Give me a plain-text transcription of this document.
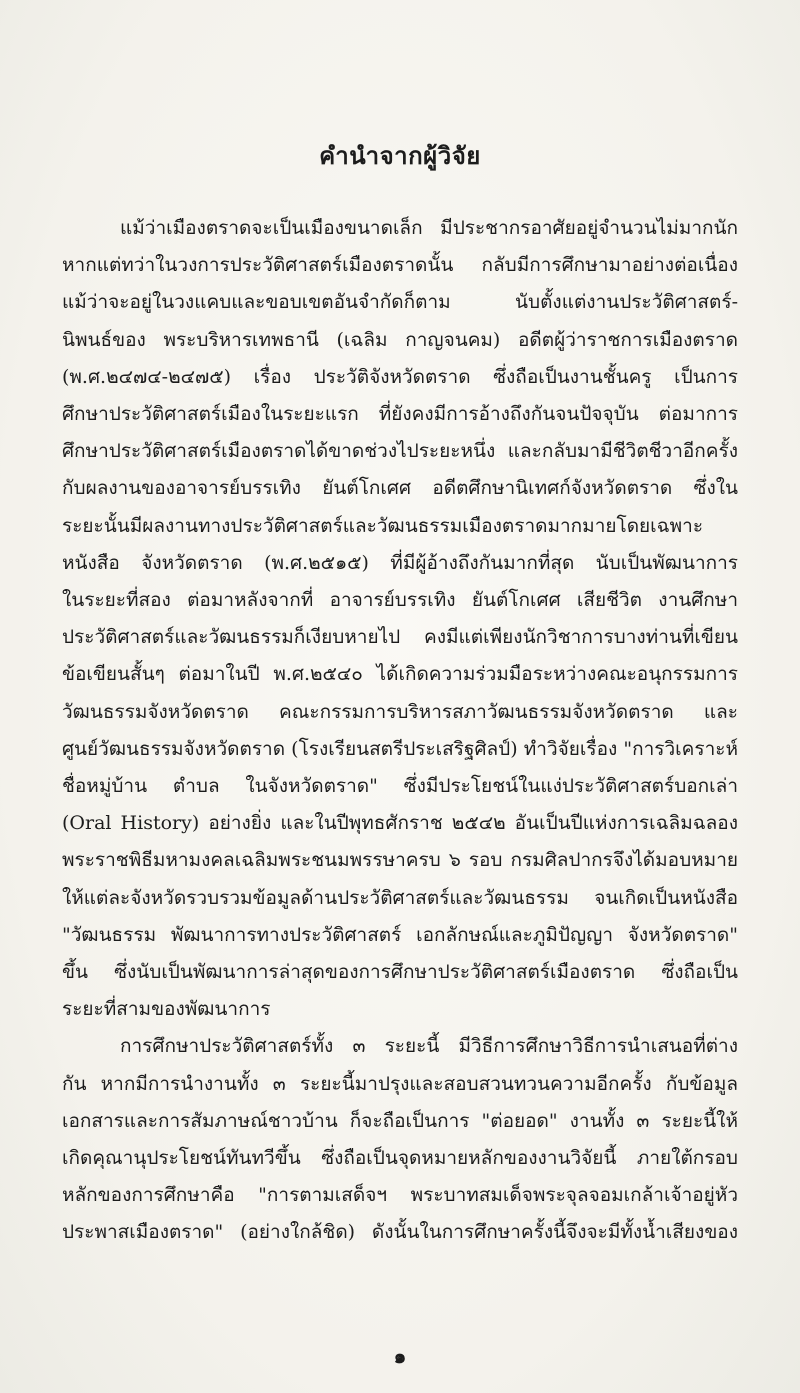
คำนำจากผู้วิจัย
แม้ว่าเมืองตราดจะเป็นเมืองขนาดเล็ก มีประชากรอาศัยอยู่จำนวนไม่มากนัก
หากแต่ทว่าในวงการประวัติศาสตร์เมืองตราดนั้น กลับมีการศึกษามาอย่างต่อเนื่อง
แม้ว่าจะอยู่ในวงแคบและขอบเขตอันจำกัดก็ตาม นับตั้งแต่งานประวัติศาสตร์-
นิพนธ์ของ พระบริหารเทพธานี (เฉลิม กาญจนคม) อดีตผู้ว่าราชการเมืองตราด
(พ.ศ.๒๔๗๔-๒๔๗๕) เรื่อง ประวัติจังหวัดตราด ซึ่งถือเป็นงานชั้นครู เป็นการ
ศึกษาประวัติศาสตร์เมืองในระยะแรก ที่ยังคงมีการอ้างถึงกันจนปัจจุบัน ต่อมาการ
ศึกษาประวัติศาสตร์เมืองตราดได้ขาดช่วงไประยะหนึ่ง และกลับมามีชีวิตชีวาอีกครั้ง
กับผลงานของอาจารย์บรรเทิง ยันต์โกเศศ อดีตศึกษานิเทศก์จังหวัดตราด ซึ่งใน
ระยะนั้นมีผลงานทางประวัติศาสตร์และวัฒนธรรมเมืองตราดมากมายโดยเฉพาะ
หนังสือ จังหวัดตราด (พ.ศ.๒๕๑๕) ที่มีผู้อ้างถึงกันมากที่สุด นับเป็นพัฒนาการ
ในระยะที่สอง ต่อมาหลังจากที่ อาจารย์บรรเทิง ยันต์โกเศศ เสียชีวิต งานศึกษา
ประวัติศาสตร์และวัฒนธรรมก็เงียบหายไป คงมีแต่เพียงนักวิชาการบางท่านที่เขียน
ข้อเขียนสั้นๆ ต่อมาในปี พ.ศ.๒๕๔๐ ได้เกิดความร่วมมือระหว่างคณะอนุกรรมการ
วัฒนธรรมจังหวัดตราด คณะกรรมการบริหารสภาวัฒนธรรมจังหวัดตราด และ
ศูนย์วัฒนธรรมจังหวัดตราด (โรงเรียนสตรีประเสริฐศิลป์) ทำวิจัยเรื่อง "การวิเคราะห์
ชื่อหมู่บ้าน ตำบล ในจังหวัดตราด" ซึ่งมีประโยชน์ในแง่ประวัติศาสตร์บอกเล่า
(Oral History) อย่างยิ่ง และในปีพุทธศักราช ๒๕๔๒ อันเป็นปีแห่งการเฉลิมฉลอง
พระราชพิธีมหามงคลเฉลิมพระชนมพรรษาครบ ๖ รอบ กรมศิลปากรจึงได้มอบหมาย
ให้แต่ละจังหวัดรวบรวมข้อมูลด้านประวัติศาสตร์และวัฒนธรรม จนเกิดเป็นหนังสือ
"วัฒนธรรม พัฒนาการทางประวัติศาสตร์ เอกลักษณ์และภูมิปัญญา จังหวัดตราด"
ขึ้น ซึ่งนับเป็นพัฒนาการล่าสุดของการศึกษาประวัติศาสตร์เมืองตราด ซึ่งถือเป็น
ระยะที่สามของพัฒนาการ
การศึกษาประวัติศาสตร์ทั้ง ๓ ระยะนี้ มีวิธีการศึกษาวิธีการนำเสนอที่ต่าง
กัน หากมีการนำงานทั้ง ๓ ระยะนี้มาปรุงและสอบสวนทวนความอีกครั้ง กับข้อมูล
เอกสารและการสัมภาษณ์ชาวบ้าน ก็จะถือเป็นการ "ต่อยอด" งานทั้ง ๓ ระยะนี้ให้
เกิดคุณานุประโยชน์ทันทวีขึ้น ซึ่งถือเป็นจุดหมายหลักของงานวิจัยนี้ ภายใต้กรอบ
หลักของการศึกษาคือ "การตามเสด็จฯ พระบาทสมเด็จพระจุลจอมเกล้าเจ้าอยู่หัว
ประพาสเมืองตราด" (อย่างใกล้ชิด) ดังนั้นในการศึกษาครั้งนี้จึงจะมีทั้งน้ำเสียงของ
๑
